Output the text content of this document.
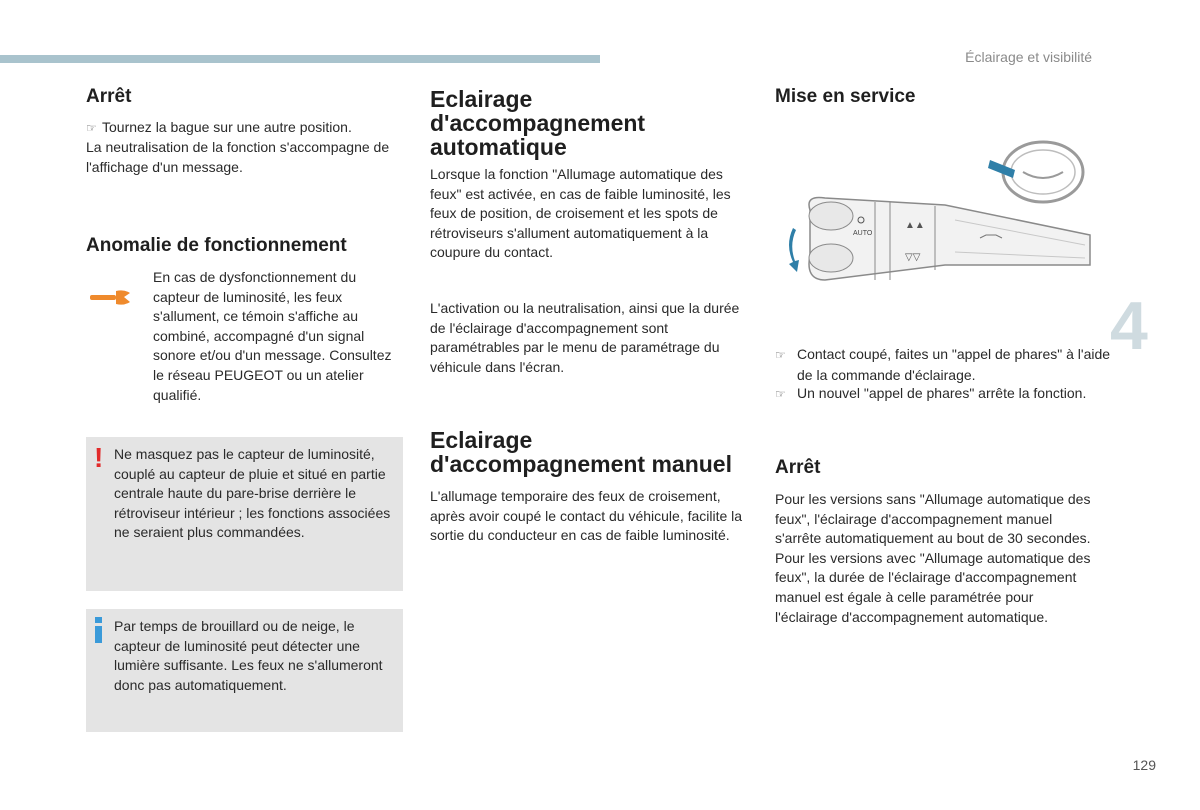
Éclairage et visibilité
Arrêt

☞ Tournez la bague sur une autre position.

La neutralisation de la fonction s'accompagne de l'affichage d'un message.

Anomalie de fonctionnement

En cas de dysfonctionnement du capteur de luminosité, les feux s'allument, ce témoin s'affiche au combiné, accompagné d'un signal sonore et/ou d'un message. Consultez le réseau PEUGEOT ou un atelier qualifié.

! Ne masquez pas le capteur de luminosité, couplé au capteur de pluie et situé en partie centrale haute du pare-brise derrière le rétroviseur intérieur ; les fonctions associées ne seraient plus commandées.
Par temps de brouillard ou de neige, le capteur de luminosité peut détecter une lumière suffisante. Les feux ne s'allumeront donc pas automatiquement.
Eclairage d'accompagnement automatique

Lorsque la fonction "Allumage automatique des feux" est activée, en cas de faible luminosité, les feux de position, de croisement et les spots de rétroviseurs s'allument automatiquement à la coupure du contact.

L'activation ou la neutralisation, ainsi que la durée de l'éclairage d'accompagnement sont paramétrables par le menu de paramétrage du véhicule dans l'écran.

Eclairage d'accompagnement manuel

L'allumage temporaire des feux de croisement, après avoir coupé le contact du véhicule, facilite la sortie du conducteur en cas de faible luminosité.

Mise en service
AUTO
▲▲
▽▽
4

☞ Contact coupé, faites un "appel de phares" à l'aide de la commande d'éclairage.

☞ Un nouvel "appel de phares" arrête la fonction.

Arrêt

Pour les versions sans "Allumage automatique des feux", l'éclairage d'accompagnement manuel s'arrête automatiquement au bout de 30 secondes.
Pour les versions avec "Allumage automatique des feux", la durée de l'éclairage d'accompagnement manuel est égale à celle paramétrée pour l'éclairage d'accompagnement automatique.

129
